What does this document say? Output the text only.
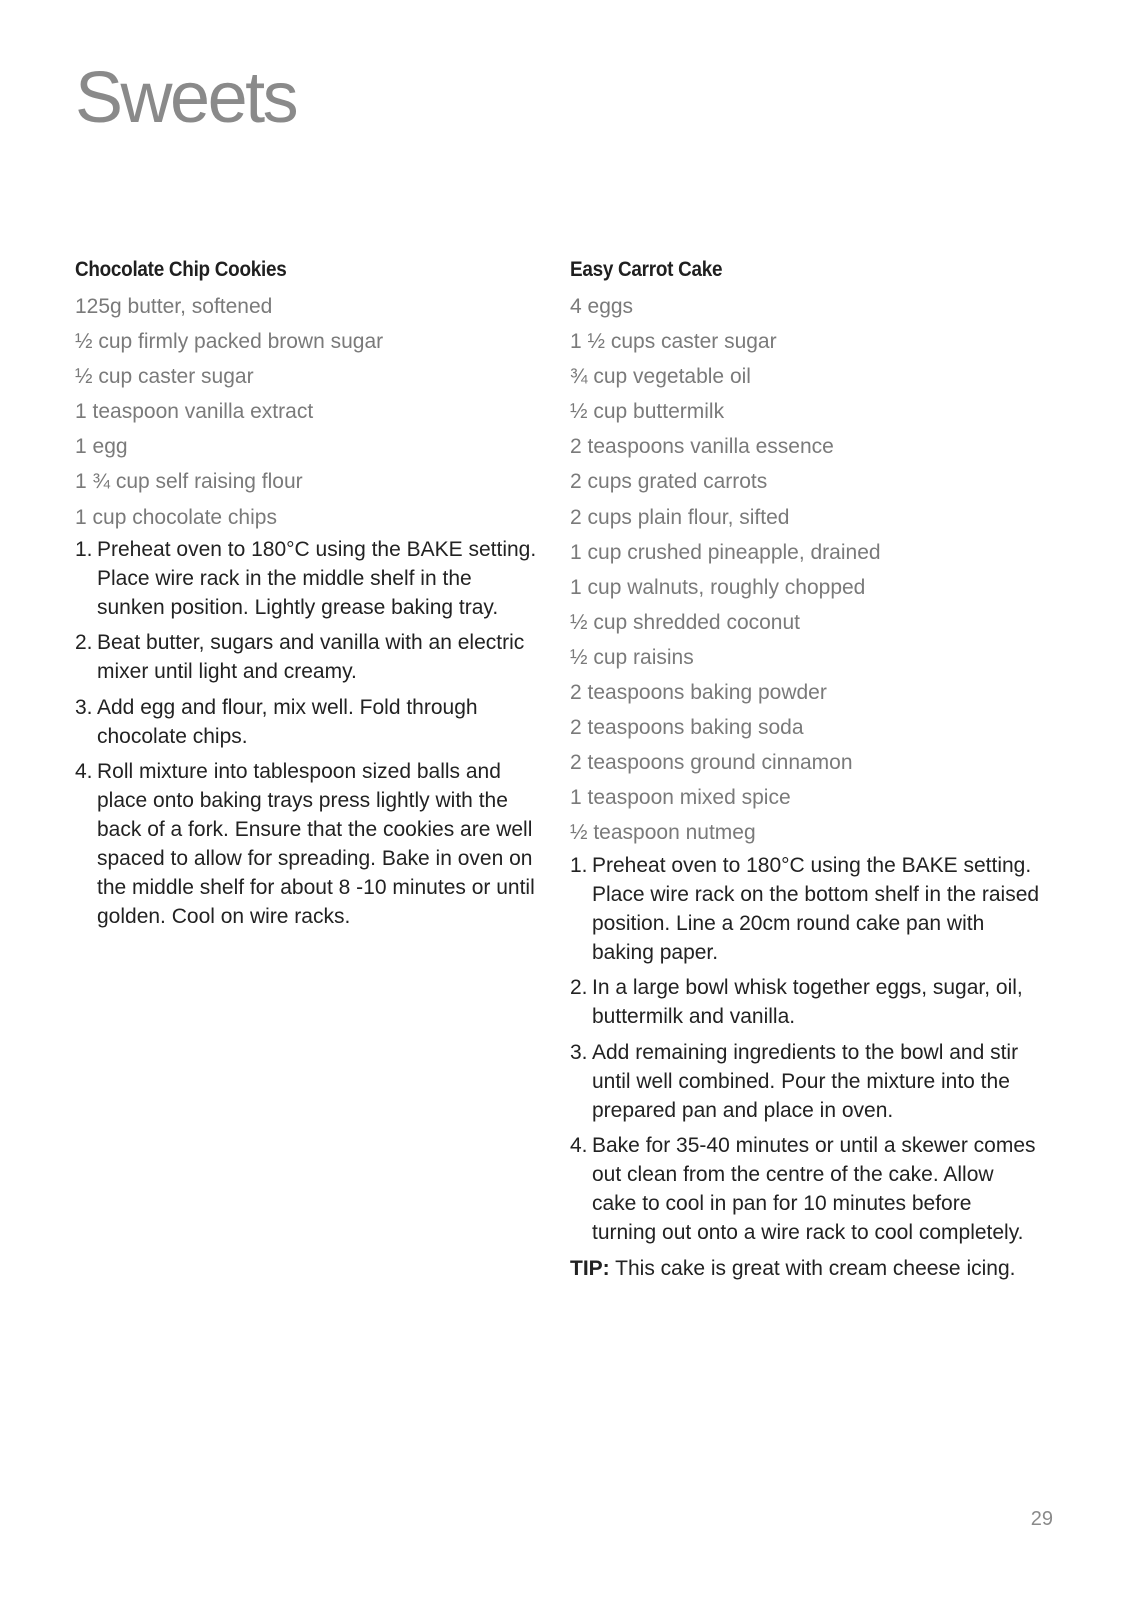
Sweets
Chocolate Chip Cookies
125g butter, softened
½ cup firmly packed brown sugar
½ cup caster sugar
1 teaspoon vanilla extract
1 egg
1 ¾ cup self raising flour
1 cup chocolate chips
1. Preheat oven to 180°C using the BAKE setting. Place wire rack in the middle shelf in the sunken position. Lightly grease baking tray.
2. Beat butter, sugars and vanilla with an electric mixer until light and creamy.
3. Add egg and flour, mix well. Fold through chocolate chips.
4. Roll mixture into tablespoon sized balls and place onto baking trays press lightly with the back of a fork. Ensure that the cookies are well spaced to allow for spreading. Bake in oven on the middle shelf for about 8 -10 minutes or until golden. Cool on wire racks.
Easy Carrot Cake
4 eggs
1 ½ cups caster sugar
¾ cup vegetable oil
½ cup buttermilk
2 teaspoons vanilla essence
2 cups grated carrots
2 cups plain flour, sifted
1 cup crushed pineapple, drained
1 cup walnuts, roughly chopped
½ cup shredded coconut
½ cup raisins
2 teaspoons baking powder
2 teaspoons baking soda
2 teaspoons ground cinnamon
1 teaspoon mixed spice
½ teaspoon nutmeg
1. Preheat oven to 180°C using the BAKE setting. Place wire rack on the bottom shelf in the raised position. Line a 20cm round cake pan with baking paper.
2. In a large bowl whisk together eggs, sugar, oil, buttermilk and vanilla.
3. Add remaining ingredients to the bowl and stir until well combined. Pour the mixture into the prepared pan and place in oven.
4. Bake for 35-40 minutes or until a skewer comes out clean from the centre of the cake. Allow cake to cool in pan for 10 minutes before turning out onto a wire rack to cool completely.

TIP: This cake is great with cream cheese icing.

29
